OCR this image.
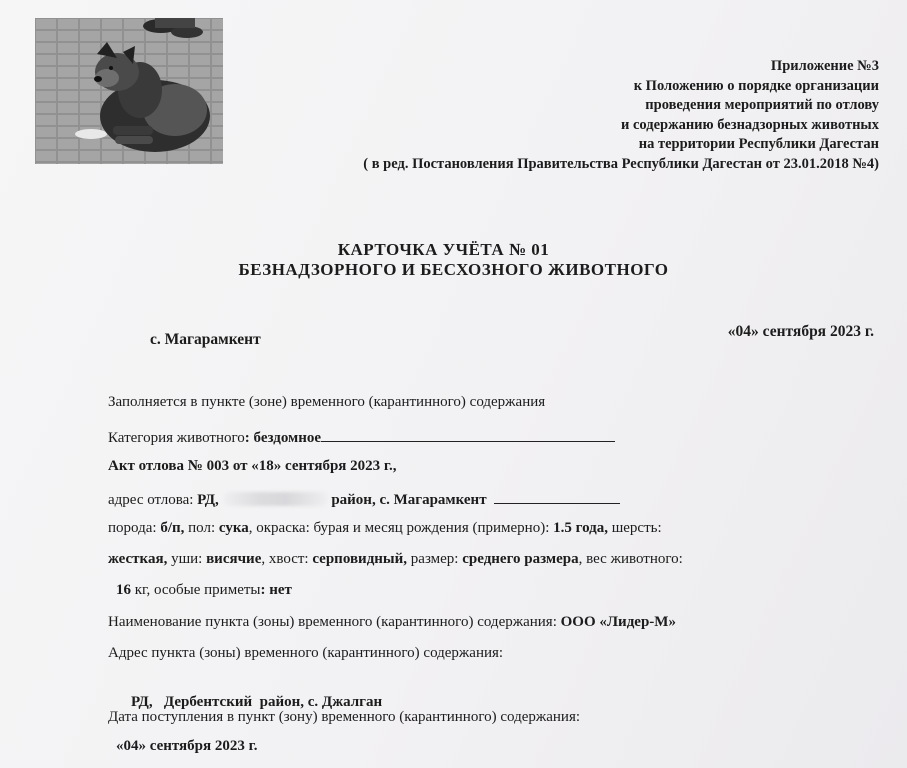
Приложение №3
к Положению о порядке организации
проведения мероприятий по отлову
и содержанию безнадзорных животных
на территории Республики Дагестан
( в ред. Постановления Правительства Республики Дагестан от 23.01.2018 №4)
КАРТОЧКА УЧЁТА № 01
БЕЗНАДЗОРНОГО И БЕСХОЗНОГО ЖИВОТНОГО
с. Магарамкент	«04» сентября 2023 г.
Заполняется в пункте (зоне) временного (карантинного) содержания
Категория животного: бездомное
Акт отлова № 003 от «18» сентября 2023 г.,
адрес отлова: РД,	район, с. Магарамкент
порода: б/п, пол: сука, окраска: бурая и месяц рождения (примерно): 1.5 года, шерсть:
жесткая, уши: висячие, хвост: серповидный, размер: среднего размера, вес животного:
16 кг, особые приметы: нет
Наименование пункта (зоны) временного (карантинного) содержания: ООО «Лидер-М»
Адрес пункта (зоны) временного (карантинного) содержания:

РД,   Дербентский  район, с. Джалган

Дата поступления в пункт (зону) временного (карантинного) содержания:
«04» сентября 2023 г.
